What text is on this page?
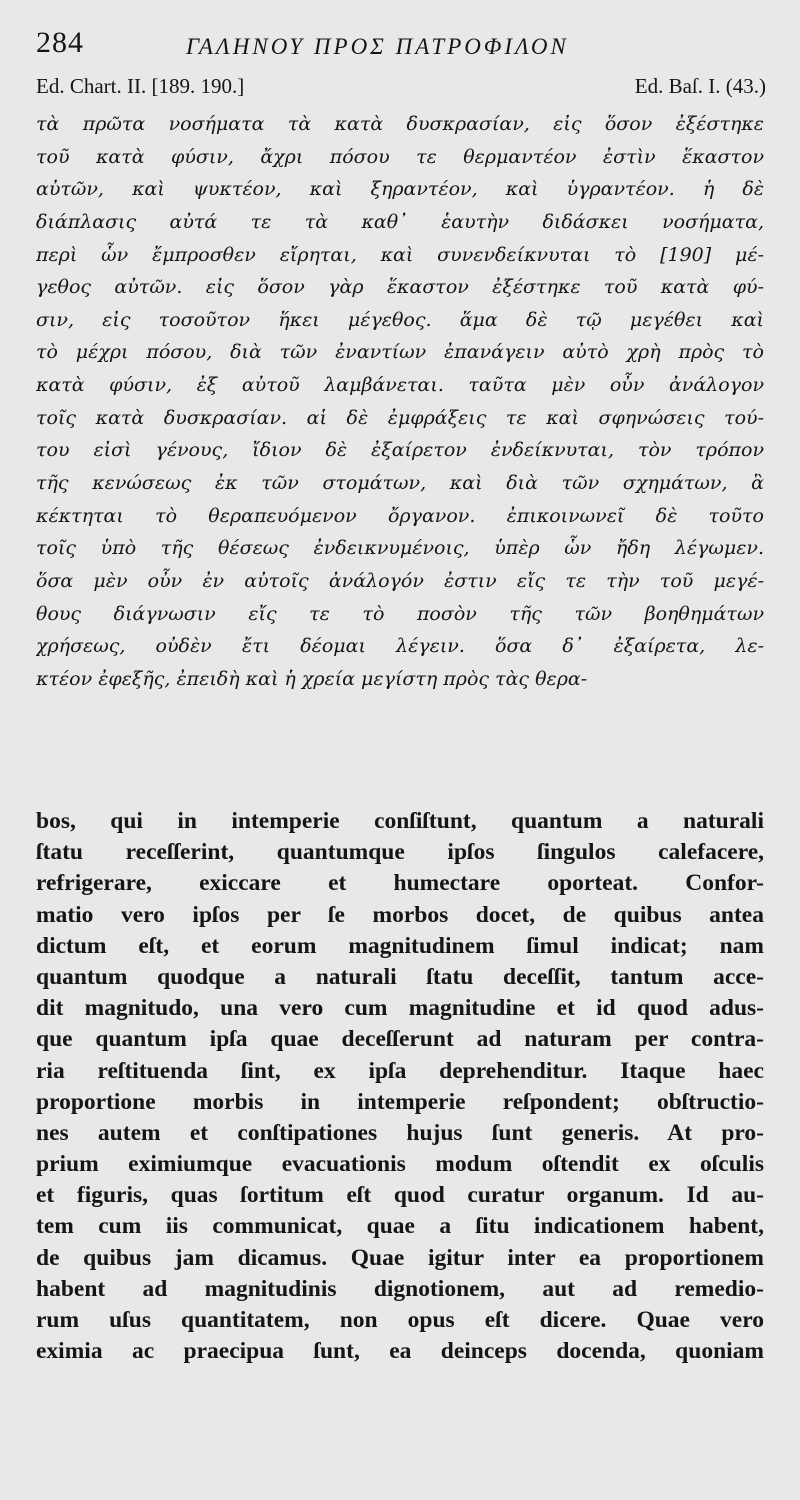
284	ΓΑΛΗΝΟΥ ΠΡΟΣ ΠΑΤΡΟΦΙΛΟΝ
Ed. Chart. II. [189. 190.]	Ed. Baſ. I. (43.)
τὰ πρῶτα νοσήματα τὰ κατὰ δυσκρασίαν, εἰς ὅσον ἐξέστηκε
τοῦ κατὰ φύσιν, ἄχρι πόσου τε θερμαντέον ἐστὶν ἕκαστον
αὐτῶν, καὶ ψυκτέον, καὶ ξηραντέον, καὶ ὑγραντέον. ἡ δὲ
διάπλασις αὐτά τε τὰ καθ᾽ ἑαυτὴν διδάσκει νοσήματα,
περὶ ὧν ἔμπροσθεν εἴρηται, καὶ συνενδείκνυται τὸ [190] μέ-
γεθος αὐτῶν. εἰς ὅσον γὰρ ἕκαστον ἐξέστηκε τοῦ κατὰ φύ-
σιν, εἰς τοσοῦτον ἥκει μέγεθος. ἅμα δὲ τῷ μεγέθει καὶ
τὸ μέχρι πόσου, διὰ τῶν ἐναντίων ἐπανάγειν αὐτὸ χρὴ πρὸς τὸ
κατὰ φύσιν, ἐξ αὐτοῦ λαμβάνεται. ταῦτα μὲν οὖν ἀνάλογον
τοῖς κατὰ δυσκρασίαν. αἱ δὲ ἐμφράξεις τε καὶ σφηνώσεις τού-
του εἰσὶ γένους, ἴδιον δὲ ἐξαίρετον ἐνδείκνυται, τὸν τρόπον
τῆς κενώσεως ἐκ τῶν στομάτων, καὶ διὰ τῶν σχημάτων, ἃ
κέκτηται τὸ θεραπευόμενον ὄργανον. ἐπικοινωνεῖ δὲ τοῦτο
τοῖς ὑπὸ τῆς θέσεως ἐνδεικνυμένοις, ὑπὲρ ὧν ἤδη λέγωμεν.
ὅσα μὲν οὖν ἐν αὐτοῖς ἀνάλογόν ἐστιν εἴς τε τὴν τοῦ μεγέ-
θους διάγνωσιν εἴς τε τὸ ποσὸν τῆς τῶν βοηθημάτων
χρήσεως, οὐδὲν ἔτι δέομαι λέγειν. ὅσα δ᾽ ἐξαίρετα, λε-
κτέον ἐφεξῆς, ἐπειδὴ καὶ ἡ χρεία μεγίστη πρὸς τὰς θερα-
bos, qui in intemperie conſiſtunt, quantum a naturali
ſtatu receſſerint, quantumque ipſos ſingulos calefacere,
refrigerare, exiccare et humectare oporteat. Confor-
matio vero ipſos per ſe morbos docet, de quibus antea
dictum eſt, et eorum magnitudinem ſimul indicat; nam
quantum quodque a naturali ſtatu deceſſit, tantum acce-
dit magnitudo, una vero cum magnitudine et id quod adus-
que quantum ipſa quae deceſſerunt ad naturam per contra-
ria reſtituenda ſint, ex ipſa deprehenditur. Itaque haec
proportione morbis in intemperie reſpondent; obſtructio-
nes autem et conſtipationes hujus ſunt generis. At pro-
prium eximiumque evacuationis modum oſtendit ex oſculis
et figuris, quas ſortitum eſt quod curatur organum. Id au-
tem cum iis communicat, quae a ſitu indicationem habent,
de quibus jam dicamus. Quae igitur inter ea proportionem
habent ad magnitudinis dignotionem, aut ad remedio-
rum uſus quantitatem, non opus eſt dicere. Quae vero
eximia ac praecipua ſunt, ea deinceps docenda, quoniam
